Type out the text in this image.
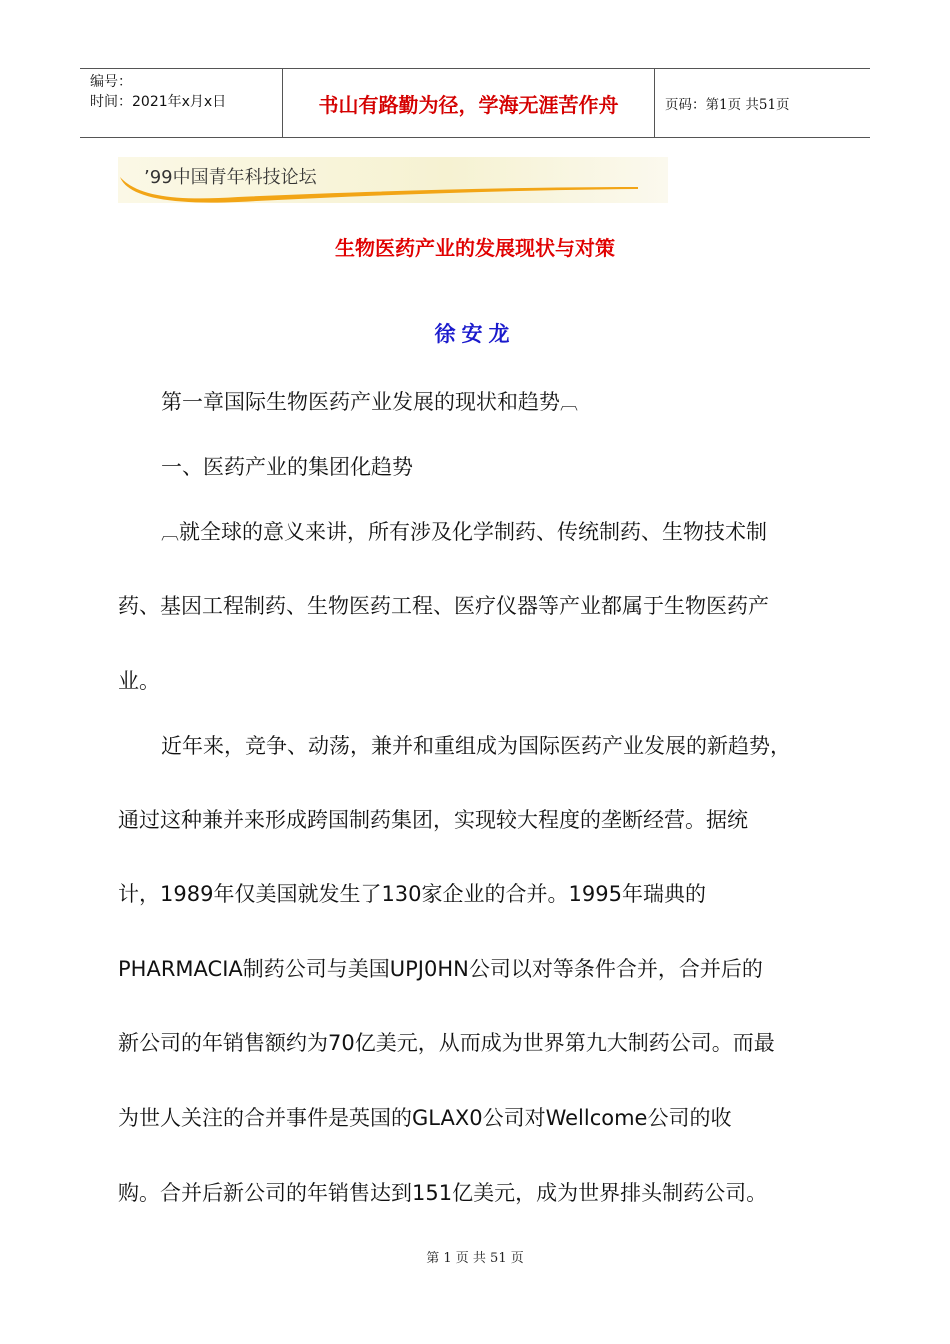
编号：
时间：2021年x月x日	书山有路勤为径，学海无涯苦作舟	页码：第1页 共51页
’99中国青年科技论坛
生物医药产业的发展现状与对策
徐安龙
第一章国际生物医药产业发展的现状和趋势︹
一、医药产业的集团化趋势
︹就全球的意义来讲，所有涉及化学制药、传统制药、生物技术制
药、基因工程制药、生物医药工程、医疗仪器等产业都属于生物医药产
业。
近年来，竞争、动荡，兼并和重组成为国际医药产业发展的新趋势，
通过这种兼并来形成跨国制药集团，实现较大程度的垄断经营。据统
计，1989年仅美国就发生了130家企业的合并。1995年瑞典的
PHARMACIA制药公司与美国UPJ0HN公司以对等条件合并，合并后的
新公司的年销售额约为70亿美元，从而成为世界第九大制药公司。而最
为世人关注的合并事件是英国的GLAX0公司对Wellcome公司的收
购。合并后新公司的年销售达到151亿美元，成为世界排头制药公司。
第 1 页 共 51 页
